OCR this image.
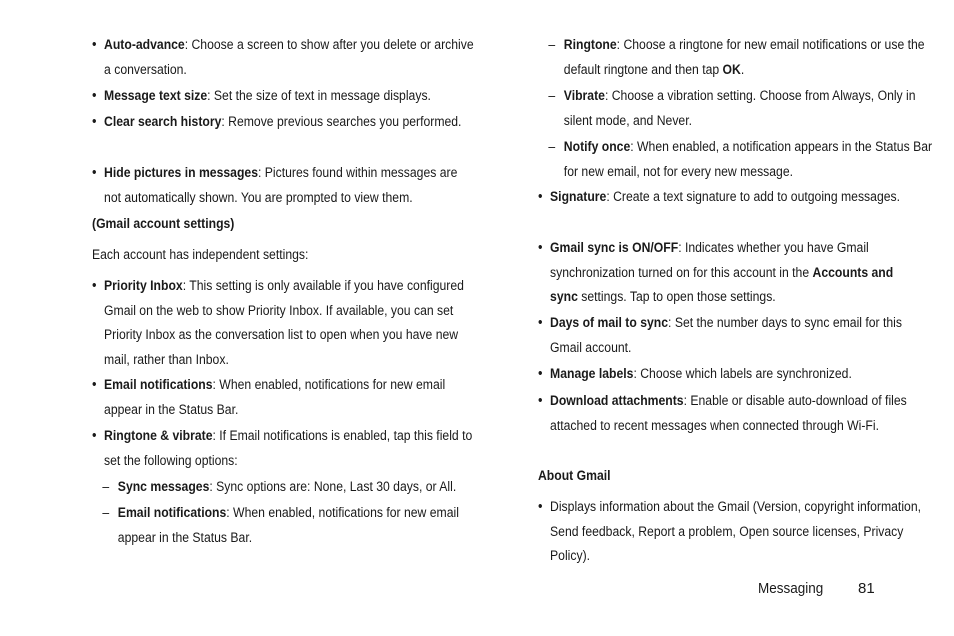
• Auto-advance: Choose a screen to show after you delete or archive a conversation.
• Message text size: Set the size of text in message displays.
• Clear search history: Remove previous searches you performed.
• Hide pictures in messages: Pictures found within messages are not automatically shown. You are prompted to view them.
(Gmail account settings)
Each account has independent settings:
• Priority Inbox: This setting is only available if you have configured Gmail on the web to show Priority Inbox. If available, you can set Priority Inbox as the conversation list to open when you have new mail, rather than Inbox.
• Email notifications: When enabled, notifications for new email appear in the Status Bar.
• Ringtone & vibrate: If Email notifications is enabled, tap this field to set the following options:
– Sync messages: Sync options are: None, Last 30 days, or All.
– Email notifications: When enabled, notifications for new email appear in the Status Bar.
– Ringtone: Choose a ringtone for new email notifications or use the default ringtone and then tap OK.
– Vibrate: Choose a vibration setting. Choose from Always, Only in silent mode, and Never.
– Notify once: When enabled, a notification appears in the Status Bar for new email, not for every new message.
• Signature: Create a text signature to add to outgoing messages.
• Gmail sync is ON/OFF: Indicates whether you have Gmail synchronization turned on for this account in the Accounts and sync settings. Tap to open those settings.
• Days of mail to sync: Set the number days to sync email for this Gmail account.
• Manage labels: Choose which labels are synchronized.
• Download attachments: Enable or disable auto-download of files attached to recent messages when connected through Wi-Fi.
About Gmail
• Displays information about the Gmail (Version, copyright information, Send feedback, Report a problem, Open source licenses, Privacy Policy).
Messaging 81
